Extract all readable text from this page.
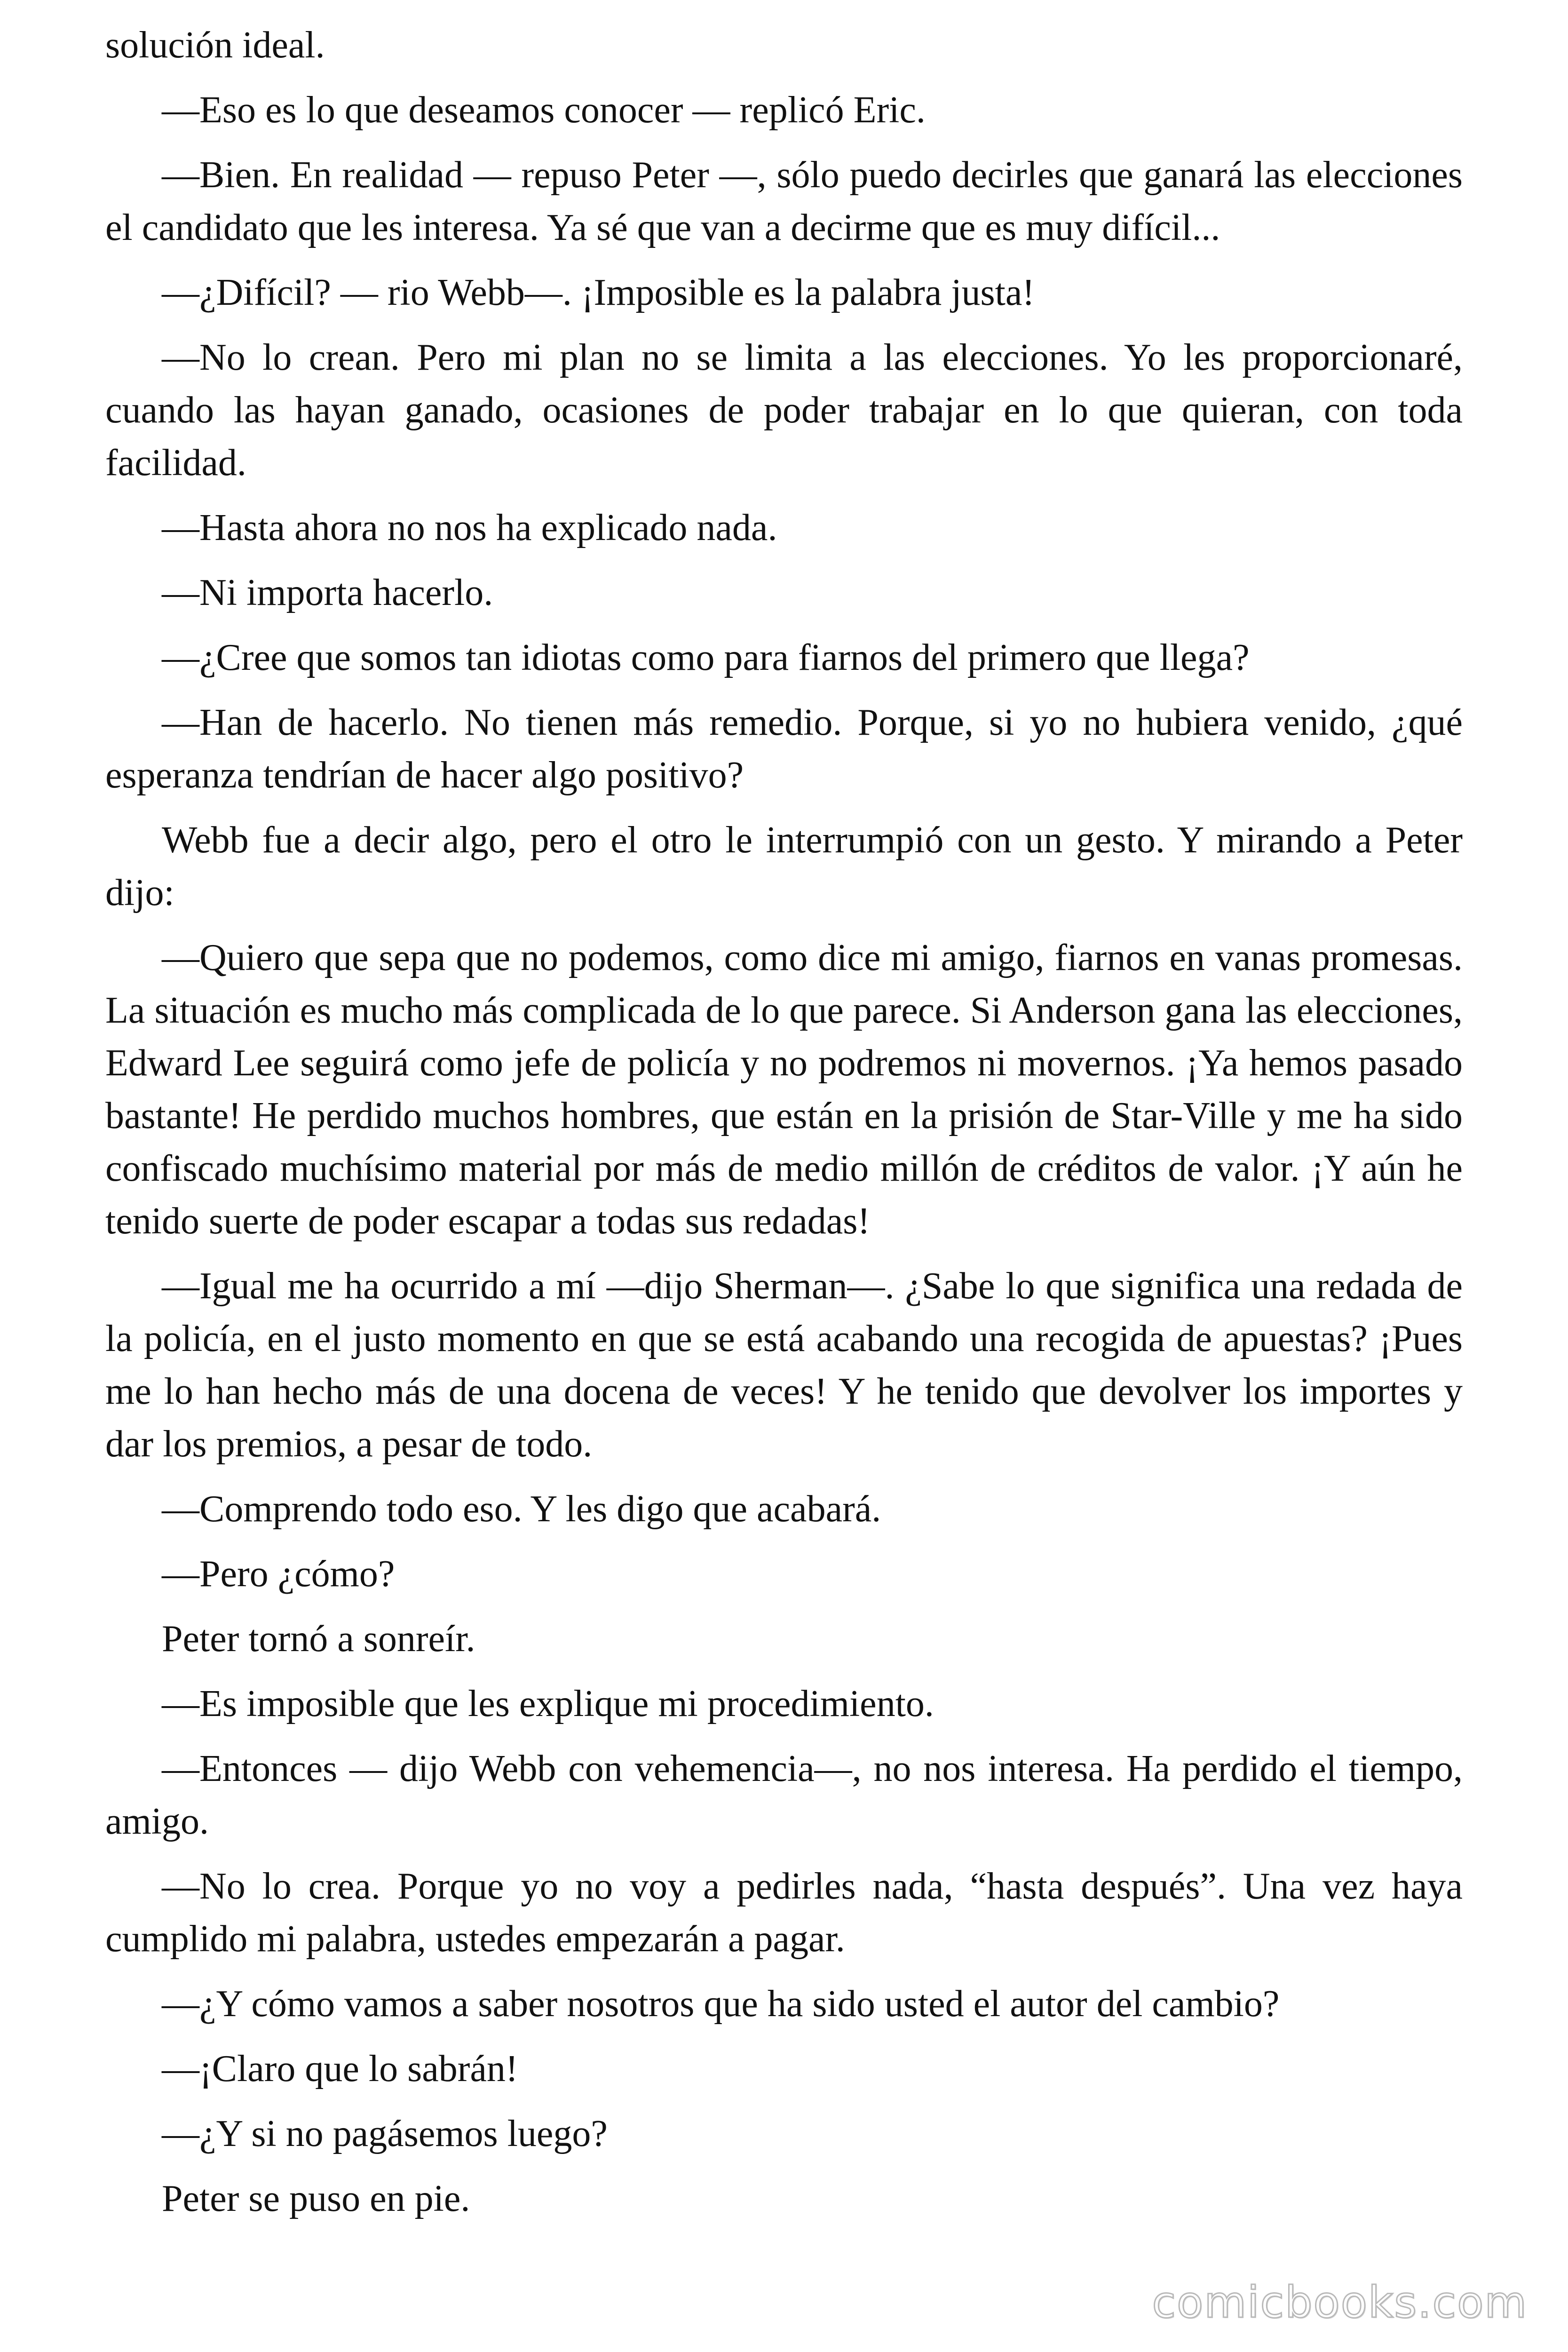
solución ideal.

—Eso es lo que deseamos conocer — replicó Eric.

—Bien. En realidad — repuso Peter —, sólo puedo decirles que ganará las elecciones el candidato que les interesa. Ya sé que van a decirme que es muy difícil...

—¿Difícil? — rio Webb—. ¡Imposible es la palabra justa!

—No lo crean. Pero mi plan no se limita a las elecciones. Yo les proporcionaré, cuando las hayan ganado, ocasiones de poder trabajar en lo que quieran, con toda facilidad.

—Hasta ahora no nos ha explicado nada.

—Ni importa hacerlo.

—¿Cree que somos tan idiotas como para fiarnos del primero que llega?

—Han de hacerlo. No tienen más remedio. Porque, si yo no hubiera venido, ¿qué esperanza tendrían de hacer algo positivo?

Webb fue a decir algo, pero el otro le interrumpió con un gesto. Y mirando a Peter dijo:

—Quiero que sepa que no podemos, como dice mi amigo, fiarnos en vanas promesas. La situación es mucho más complicada de lo que parece. Si Anderson gana las elecciones, Edward Lee seguirá como jefe de policía y no podremos ni movernos. ¡Ya hemos pasado bastante! He perdido muchos hombres, que están en la prisión de Star-Ville y me ha sido confiscado muchísimo material por más de medio millón de créditos de valor. ¡Y aún he tenido suerte de poder escapar a todas sus redadas!

—Igual me ha ocurrido a mí —dijo Sherman—. ¿Sabe lo que significa una redada de la policía, en el justo momento en que se está acabando una recogida de apuestas? ¡Pues me lo han hecho más de una docena de veces! Y he tenido que devolver los importes y dar los premios, a pesar de todo.

—Comprendo todo eso. Y les digo que acabará.

—Pero ¿cómo?

Peter tornó a sonreír.

—Es imposible que les explique mi procedimiento.

—Entonces — dijo Webb con vehemencia—, no nos interesa. Ha perdido el tiempo, amigo.

—No lo crea. Porque yo no voy a pedirles nada, “hasta después”. Una vez haya cumplido mi palabra, ustedes empezarán a pagar.

—¿Y cómo vamos a saber nosotros que ha sido usted el autor del cambio?

—¡Claro que lo sabrán!

—¿Y si no pagásemos luego?

Peter se puso en pie.

comicbooks.com
